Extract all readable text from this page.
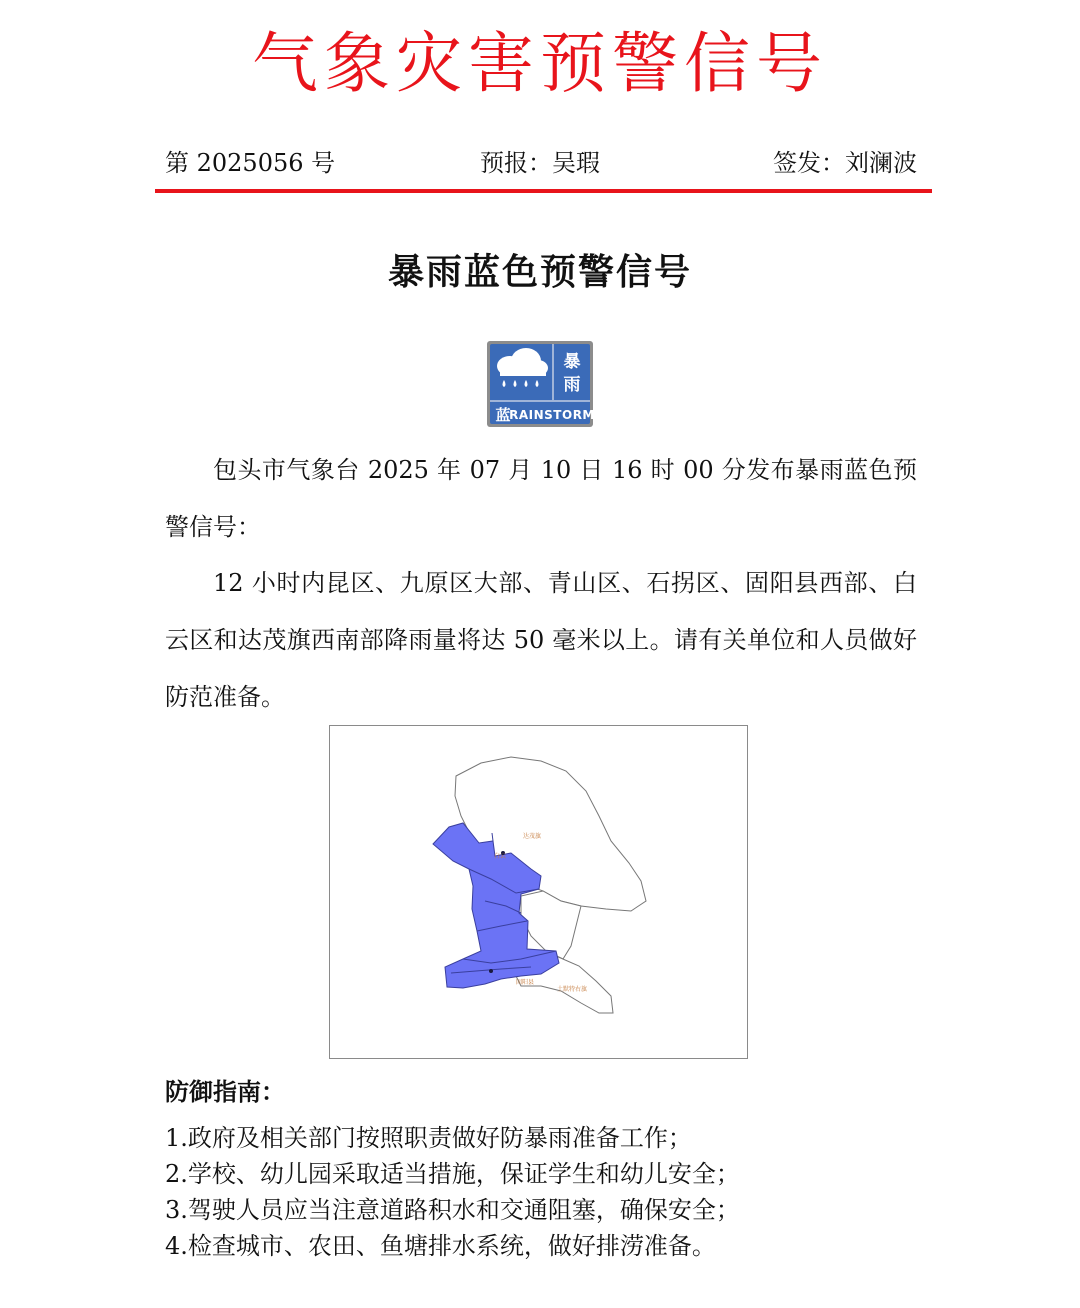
气象灾害预警信号
第 2025056 号	预报：吴瑕	签发：刘澜波
暴雨蓝色预警信号
暴
雨
蓝
RAINSTORM

包头市气象台 2025 年 07 月 10 日 16 时 00 分发布暴雨蓝色预警信号：

12 小时内昆区、九原区大部、青山区、石拐区、固阳县西部、白云区和达茂旗西南部降雨量将达 50 毫米以上。请有关单位和人员做好防范准备。

达茂旗
白云
固阳县
土默特右旗
防御指南：
1.政府及相关部门按照职责做好防暴雨准备工作；
2.学校、幼儿园采取适当措施，保证学生和幼儿安全；
3.驾驶人员应当注意道路积水和交通阻塞，确保安全；
4.检查城市、农田、鱼塘排水系统，做好排涝准备。
